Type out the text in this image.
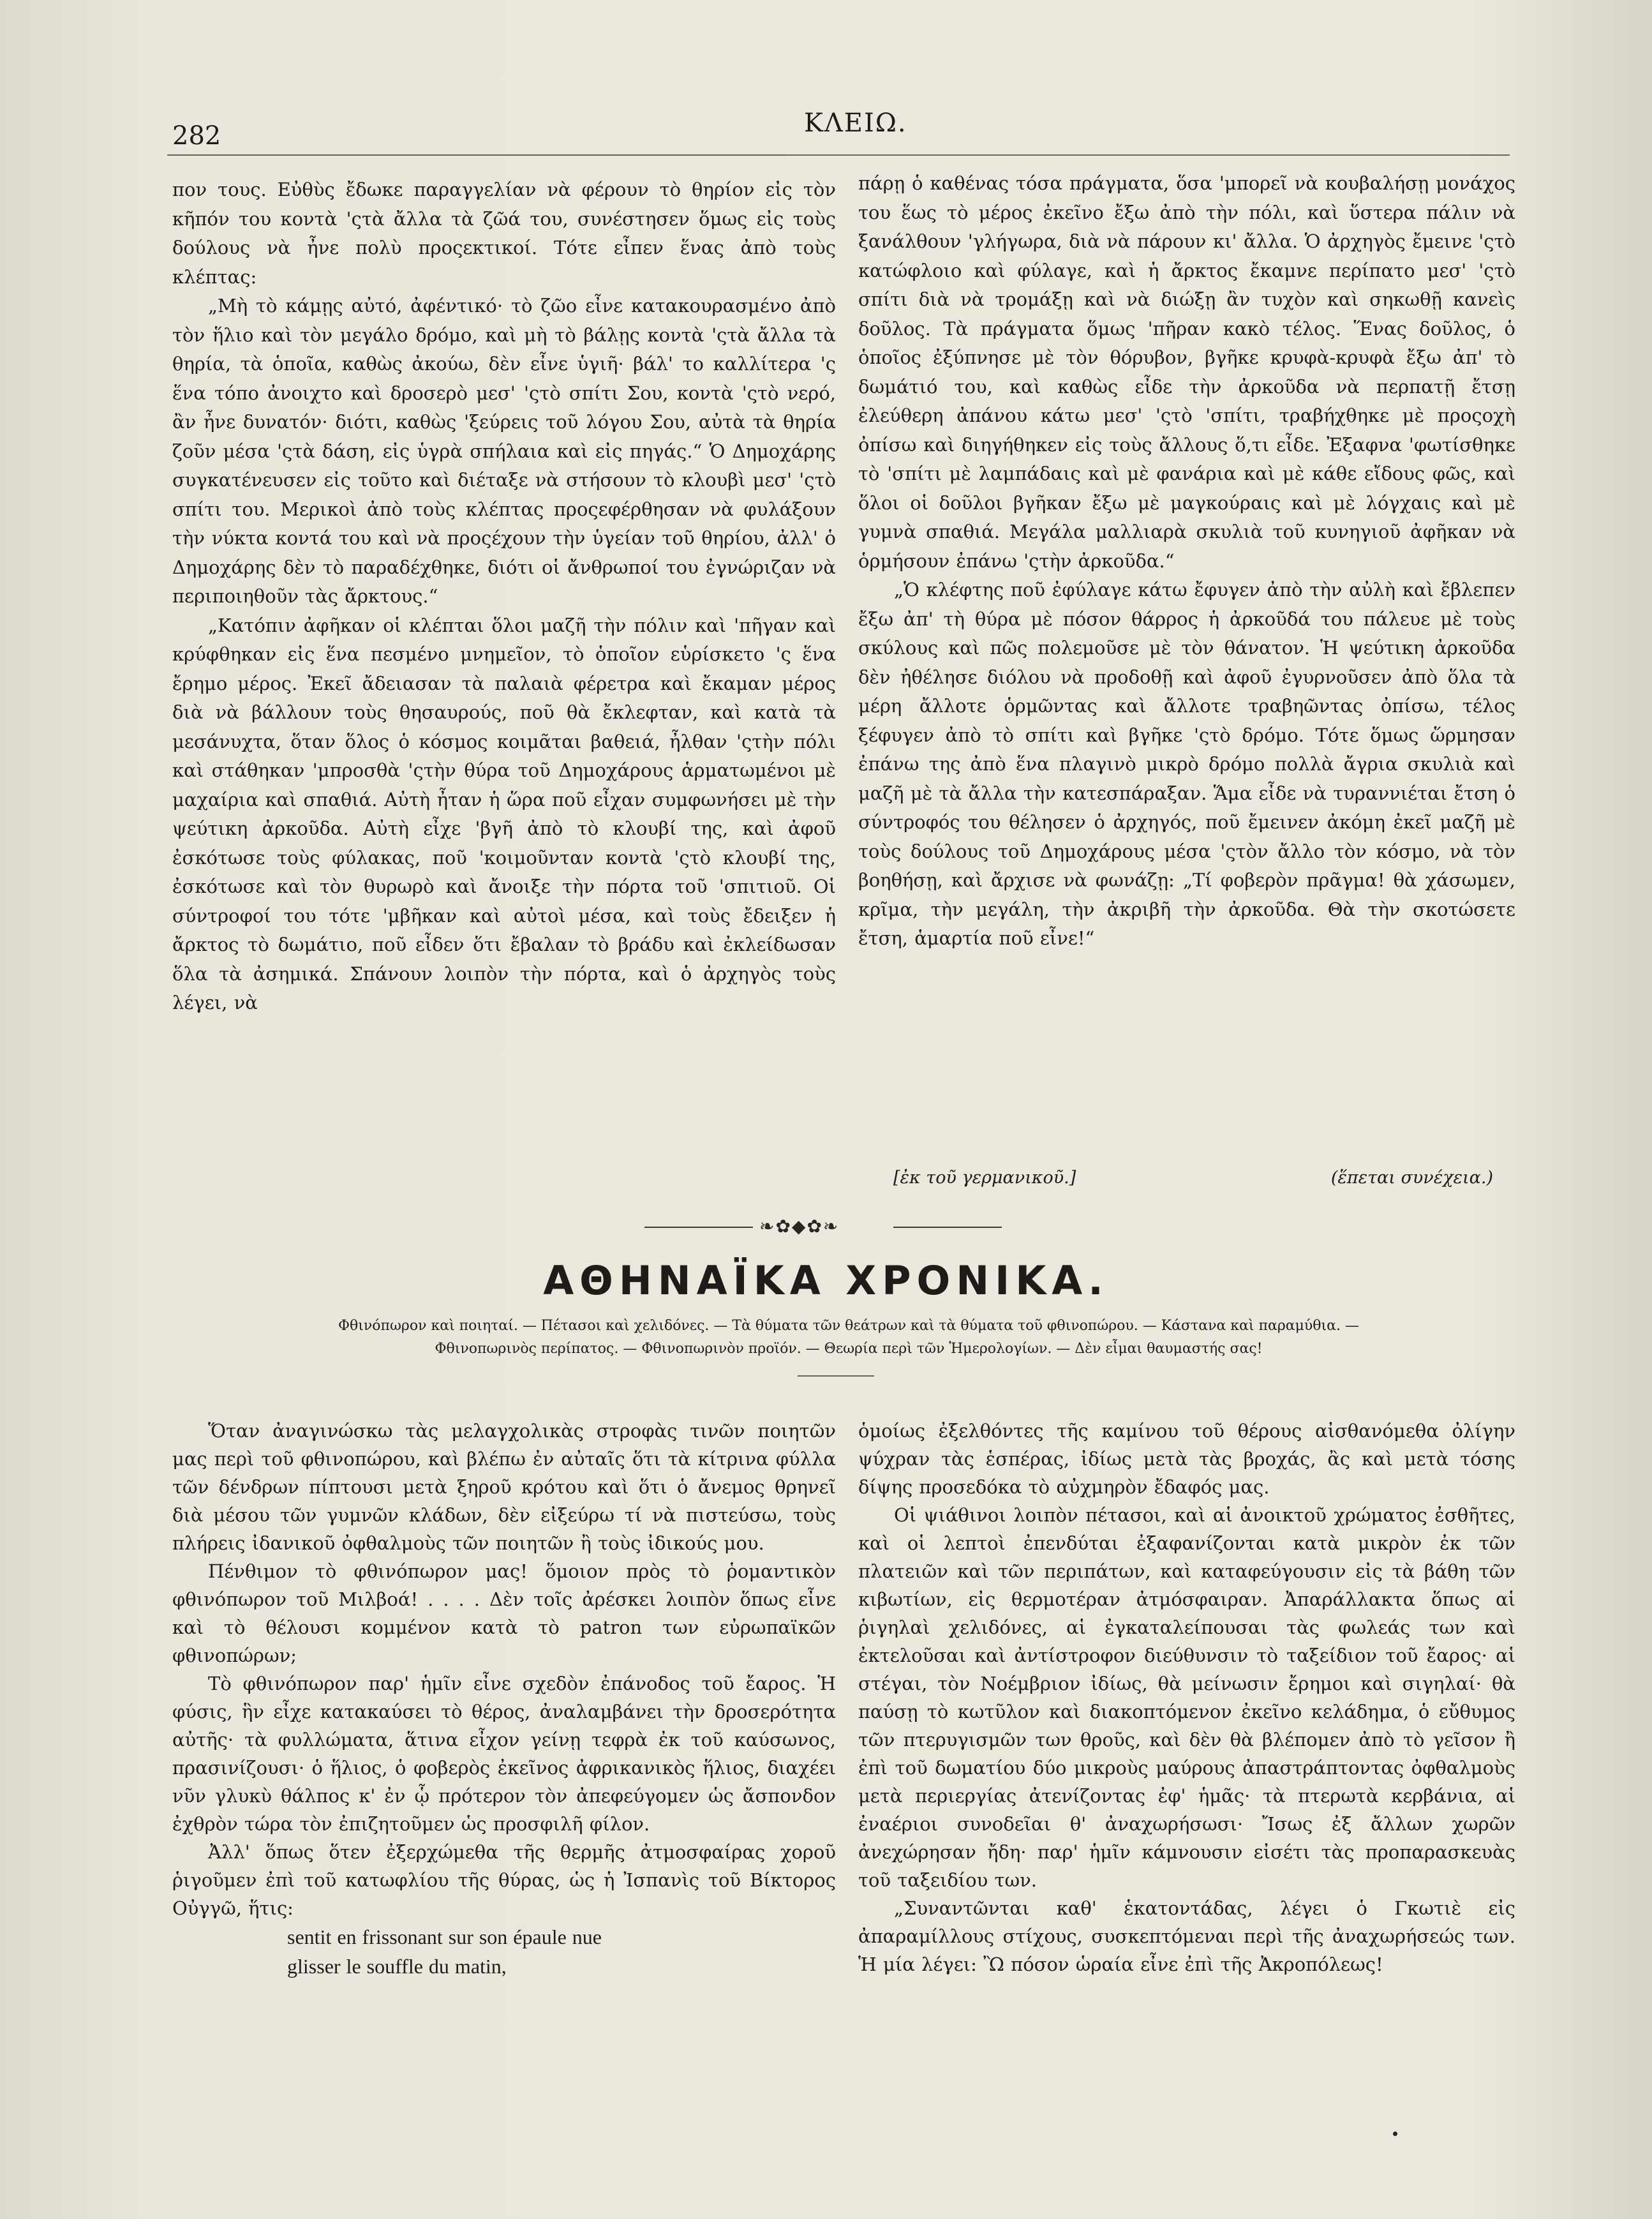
282	ΚΛΕΙΩ.

πον τους. Εὐθὺς ἔδωκε παραγγελίαν νὰ φέρουν τὸ θηρίον εἰς τὸν κῆπόν του κοντὰ 'ςτὰ ἄλλα τὰ ζῶά του, συνέστησεν ὅμως εἰς τοὺς δούλους νὰ ἦνε πολὺ προςεκτικοί. Τότε εἶπεν ἕνας ἀπὸ τοὺς κλέπτας:

„Μὴ τὸ κάμῃς αὐτό, ἀφέντικό· τὸ ζῶο εἶνε κατακουρασμένο ἀπὸ τὸν ἥλιο καὶ τὸν μεγάλο δρόμο, καὶ μὴ τὸ βάλῃς κοντὰ 'ςτὰ ἄλλα τὰ θηρία, τὰ ὁποῖα, καθὼς ἀκούω, δὲν εἶνε ὑγιῆ· βάλ' το καλλίτερα 'ς ἕνα τόπο ἀνοιχτο καὶ δροσερὸ μεσ' 'ςτὸ σπίτι Σου, κοντὰ 'ςτὸ νερό, ἂν ἦνε δυνατόν· διότι, καθὼς 'ξεύρεις τοῦ λόγου Σου, αὐτὰ τὰ θηρία ζοῦν μέσα 'ςτὰ δάση, εἰς ὑγρὰ σπήλαια καὶ εἰς πηγάς.“ Ὁ Δημοχάρης συγκατένευσεν εἰς τοῦτο καὶ διέταξε νὰ στήσουν τὸ κλουβὶ μεσ' 'ςτὸ σπίτι του. Μερικοὶ ἀπὸ τοὺς κλέπτας προςεφέρθησαν νὰ φυλάξουν τὴν νύκτα κοντά του καὶ νὰ προςέχουν τὴν ὑγείαν τοῦ θηρίου, ἀλλ' ὁ Δημοχάρης δὲν τὸ παραδέχθηκε, διότι οἱ ἄνθρωποί του ἐγνώριζαν νὰ περιποιηθοῦν τὰς ἄρκτους.“

„Κατόπιν ἀφῆκαν οἱ κλέπται ὅλοι μαζῆ τὴν πόλιν καὶ 'πῆγαν καὶ κρύφθηκαν εἰς ἕνα πεσμένο μνημεῖον, τὸ ὁποῖον εὑρίσκετο 'ς ἕνα ἔρημο μέρος. Ἐκεῖ ἄδειασαν τὰ παλαιὰ φέρετρα καὶ ἔκαμαν μέρος διὰ νὰ βάλλουν τοὺς θησαυρούς, ποῦ θὰ ἔκλεφταν, καὶ κατὰ τὰ μεσάνυχτα, ὅταν ὅλος ὁ κόσμος κοιμᾶται βαθειά, ἦλθαν 'ςτὴν πόλι καὶ στάθηκαν 'μπροσθὰ 'ςτὴν θύρα τοῦ Δημοχάρους ἁρματωμένοι μὲ μαχαίρια καὶ σπαθιά. Αὐτὴ ἦταν ἡ ὥρα ποῦ εἶχαν συμφωνήσει μὲ τὴν ψεύτικη ἀρκοῦδα. Αὐτὴ εἶχε 'βγῆ ἀπὸ τὸ κλουβί της, καὶ ἀφοῦ ἐσκότωσε τοὺς φύλακας, ποῦ 'κοιμοῦνταν κοντὰ 'ςτὸ κλουβί της, ἐσκότωσε καὶ τὸν θυρωρὸ καὶ ἄνοιξε τὴν πόρτα τοῦ 'σπιτιοῦ. Οἱ σύντροφοί του τότε 'μβῆκαν καὶ αὐτοὶ μέσα, καὶ τοὺς ἔδειξεν ἡ ἄρκτος τὸ δωμάτιο, ποῦ εἶδεν ὅτι ἔβαλαν τὸ βράδυ καὶ ἐκλείδωσαν ὅλα τὰ ἀσημικά. Σπάνουν λοιπὸν τὴν πόρτα, καὶ ὁ ἀρχηγὸς τοὺς λέγει, νὰ

πάρῃ ὁ καθένας τόσα πράγματα, ὅσα 'μπορεῖ νὰ κουβαλήσῃ μονάχος του ἕως τὸ μέρος ἐκεῖνο ἔξω ἀπὸ τὴν πόλι, καὶ ὕστερα πάλιν νὰ ξανάλθουν 'γλήγωρα, διὰ νὰ πάρουν κι' ἄλλα. Ὁ ἀρχηγὸς ἔμεινε 'ςτὸ κατώφλοιο καὶ φύλαγε, καὶ ἡ ἄρκτος ἔκαμνε περίπατο μεσ' 'ςτὸ σπίτι διὰ νὰ τρομάξῃ καὶ νὰ διώξῃ ἂν τυχὸν καὶ σηκωθῇ κανεὶς δοῦλος. Τὰ πράγματα ὅμως 'πῆραν κακὸ τέλος. Ἕνας δοῦλος, ὁ ὁποῖος ἐξύπνησε μὲ τὸν θόρυβον, βγῆκε κρυφὰ-κρυφὰ ἔξω ἀπ' τὸ δωμάτιό του, καὶ καθὼς εἶδε τὴν ἀρκοῦδα νὰ περπατῇ ἔτσῃ ἐλεύθερη ἀπάνου κάτω μεσ' 'ςτὸ 'σπίτι, τραβήχθηκε μὲ προςοχὴ ὀπίσω καὶ διηγήθηκεν εἰς τοὺς ἄλλους ὅ,τι εἶδε. Ἐξαφνα 'φωτίσθηκε τὸ 'σπίτι μὲ λαμπάδαις καὶ μὲ φανάρια καὶ μὲ κάθε εἴδους φῶς, καὶ ὅλοι οἱ δοῦλοι βγῆκαν ἔξω μὲ μαγκούραις καὶ μὲ λόγχαις καὶ μὲ γυμνὰ σπαθιά. Μεγάλα μαλλιαρὰ σκυλιὰ τοῦ κυνηγιοῦ ἀφῆκαν νὰ ὁρμήσουν ἐπάνω 'ςτὴν ἀρκοῦδα.“

„Ὁ κλέφτης ποῦ ἐφύλαγε κάτω ἔφυγεν ἀπὸ τὴν αὐλὴ καὶ ἔβλεπεν ἔξω ἀπ' τὴ θύρα μὲ πόσον θάρρος ἡ ἀρκοῦδά του πάλευε μὲ τοὺς σκύλους καὶ πῶς πολεμοῦσε μὲ τὸν θάνατον. Ἡ ψεύτικη ἀρκοῦδα δὲν ἠθέλησε διόλου νὰ προδοθῇ καὶ ἀφοῦ ἐγυρνοῦσεν ἀπὸ ὅλα τὰ μέρη ἄλλοτε ὁρμῶντας καὶ ἄλλοτε τραβηῶντας ὀπίσω, τέλος ξέφυγεν ἀπὸ τὸ σπίτι καὶ βγῆκε 'ςτὸ δρόμο. Τότε ὅμως ὥρμησαν ἐπάνω της ἀπὸ ἕνα πλαγινὸ μικρὸ δρόμο πολλὰ ἄγρια σκυλιὰ καὶ μαζῆ μὲ τὰ ἄλλα τὴν κατεσπάραξαν. Ἅμα εἶδε νὰ τυραννιέται ἔτση ὁ σύντροφός του θέλησεν ὁ ἀρχηγός, ποῦ ἔμεινεν ἀκόμη ἐκεῖ μαζῆ μὲ τοὺς δούλους τοῦ Δημοχάρους μέσα 'ςτὸν ἄλλο τὸν κόσμο, νὰ τὸν βοηθήσῃ, καὶ ἄρχισε νὰ φωνάζῃ: „Τί φοβερὸν πρᾶγμα! θὰ χάσωμεν, κρῖμα, τὴν μεγάλη, τὴν ἀκριβῆ τὴν ἀρκοῦδα. Θὰ τὴν σκοτώσετε ἔτση, ἁμαρτία ποῦ εἶνε!“

[ἐκ τοῦ γερμανικοῦ.]	(ἕπεται συνέχεια.)
❧✿◆✿❧
ΑΘΗΝΑΪΚΑ ΧΡΟΝΙΚΑ.
Φθινόπωρον καὶ ποιηταί. — Πέτασοι καὶ χελιδόνες. — Τὰ θύματα τῶν θεάτρων καὶ τὰ θύματα τοῦ φθινοπώρου. — Κάστανα καὶ παραμύθια. —
Φθινοπωρινὸς περίπατος. — Φθινοπωρινὸν προϊόν. — Θεωρία περὶ τῶν Ἡμερολογίων. — Δὲν εἶμαι θαυμαστής σας!

Ὅταν ἀναγινώσκω τὰς μελαγχολικὰς στροφὰς τινῶν ποιητῶν μας περὶ τοῦ φθινοπώρου, καὶ βλέπω ἐν αὐταῖς ὅτι τὰ κίτρινα φύλλα τῶν δένδρων πίπτουσι μετὰ ξηροῦ κρότου καὶ ὅτι ὁ ἄνεμος θρηνεῖ διὰ μέσου τῶν γυμνῶν κλάδων, δὲν εἰξεύρω τί νὰ πιστεύσω, τοὺς πλήρεις ἰδανικοῦ ὀφθαλμοὺς τῶν ποιητῶν ἢ τοὺς ἰδικούς μου.

Πένθιμον τὸ φθινόπωρον μας! ὅμοιον πρὸς τὸ ῥομαντικὸν φθινόπωρον τοῦ Μιλβοά! . . . . Δὲν τοῖς ἀρέσκει λοιπὸν ὅπως εἶνε καὶ τὸ θέλουσι κομμένον κατὰ τὸ patron των εὐρωπαϊκῶν φθινοπώρων;

Τὸ φθινόπωρον παρ' ἡμῖν εἶνε σχεδὸν ἐπάνοδος τοῦ ἔαρος. Ἡ φύσις, ἣν εἶχε κατακαύσει τὸ θέρος, ἀναλαμβάνει τὴν δροσερότητα αὐτῆς· τὰ φυλλώματα, ἅτινα εἶχον γείνῃ τεφρὰ ἐκ τοῦ καύσωνος, πρασινίζουσι· ὁ ἥλιος, ὁ φοβερὸς ἐκεῖνος ἀφρικανικὸς ἥλιος, διαχέει νῦν γλυκὺ θάλπος κ' ἐν ᾧ πρότερον τὸν ἀπεφεύγομεν ὡς ἄσπονδον ἐχθρὸν τώρα τὸν ἐπιζητοῦμεν ὡς προσφιλῆ φίλον.

Ἀλλ' ὅπως ὅτεν ἐξερχώμεθα τῆς θερμῆς ἀτμοσφαίρας χοροῦ ῥιγοῦμεν ἐπὶ τοῦ κατωφλίου τῆς θύρας, ὡς ἡ Ἰσπανὶς τοῦ Βίκτορος Οὐγγῶ, ἥτις:

sentit en frissonant sur son épaule nue

glisser le souffle du matin,

ὁμοίως ἐξελθόντες τῆς καμίνου τοῦ θέρους αἰσθανόμεθα ὀλίγην ψύχραν τὰς ἑσπέρας, ἰδίως μετὰ τὰς βροχάς, ἂς καὶ μετὰ τόσης δίψης προσεδόκα τὸ αὐχμηρὸν ἔδαφός μας.

Οἱ ψιάθινοι λοιπὸν πέτασοι, καὶ αἱ ἀνοικτοῦ χρώματος ἐσθῆτες, καὶ οἱ λεπτοὶ ἐπενδύται ἐξαφανίζονται κατὰ μικρὸν ἐκ τῶν πλατειῶν καὶ τῶν περιπάτων, καὶ καταφεύγουσιν εἰς τὰ βάθη τῶν κιβωτίων, εἰς θερμοτέραν ἀτμόσφαιραν. Ἀπαράλλακτα ὅπως αἱ ῥιγηλαὶ χελιδόνες, αἱ ἐγκαταλείπουσαι τὰς φωλεάς των καὶ ἐκτελοῦσαι καὶ ἀντίστροφον διεύθυνσιν τὸ ταξείδιον τοῦ ἔαρος· αἱ στέγαι, τὸν Νοέμβριον ἰδίως, θὰ μείνωσιν ἔρημοι καὶ σιγηλαί· θὰ παύσῃ τὸ κωτῦλον καὶ διακοπτόμενον ἐκεῖνο κελάδημα, ὁ εὔθυμος τῶν πτερυγισμῶν των θροῦς, καὶ δὲν θὰ βλέπομεν ἀπὸ τὸ γεῖσον ἢ ἐπὶ τοῦ δωματίου δύο μικροὺς μαύρους ἀπαστράπτοντας ὀφθαλμοὺς μετὰ περιεργίας ἀτενίζοντας ἐφ' ἡμᾶς· τὰ πτερωτὰ κερβάνια, αἱ ἐναέριοι συνοδεῖαι θ' ἀναχωρήσωσι· Ἴσως ἐξ ἄλλων χωρῶν ἀνεχώρησαν ἤδη· παρ' ἡμῖν κάμνουσιν εἰσέτι τὰς προπαρασκευὰς τοῦ ταξειδίου των.

„Συναντῶνται καθ' ἑκατοντάδας, λέγει ὁ Γκωτιὲ εἰς ἀπαραμίλλους στίχους, συσκεπτόμεναι περὶ τῆς ἀναχωρήσεώς των. Ἡ μία λέγει: Ὢ πόσον ὡραία εἶνε ἐπὶ τῆς Ἀκροπόλεως!
